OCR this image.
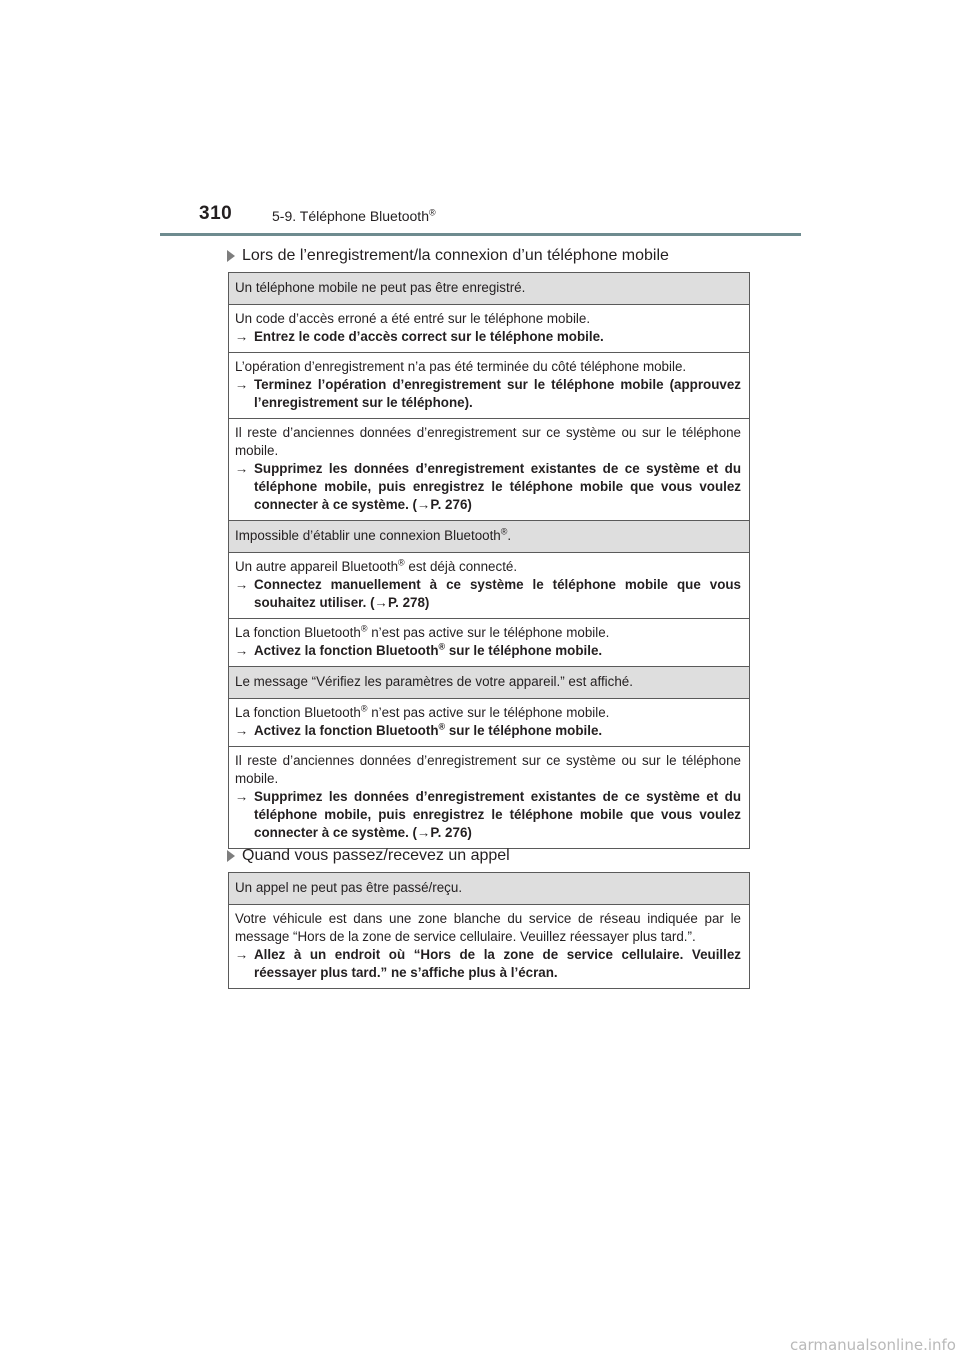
310	5-9. Téléphone Bluetooth®
Lors de l’enregistrement/la connexion d’un téléphone mobile
Un téléphone mobile ne peut pas être enregistré.

Un code d’accès erroné a été entré sur le téléphone mobile.
→ Entrez le code d’accès correct sur le téléphone mobile.

L’opération d’enregistrement n’a pas été terminée du côté téléphone mobile.
→ Terminez l’opération d’enregistrement sur le téléphone mobile (approuvez l’enregistrement sur le téléphone).

Il reste d’anciennes données d’enregistrement sur ce système ou sur le téléphone mobile.
→ Supprimez les données d’enregistrement existantes de ce système et du téléphone mobile, puis enregistrez le téléphone mobile que vous voulez connecter à ce système. (→P. 276)

Impossible d’établir une connexion Bluetooth®.

Un autre appareil Bluetooth® est déjà connecté.
→ Connectez manuellement à ce système le téléphone mobile que vous souhaitez utiliser. (→P. 278)

La fonction Bluetooth® n’est pas active sur le téléphone mobile.
→ Activez la fonction Bluetooth® sur le téléphone mobile.

Le message “Vérifiez les paramètres de votre appareil.” est affiché.

La fonction Bluetooth® n’est pas active sur le téléphone mobile.
→ Activez la fonction Bluetooth® sur le téléphone mobile.

Il reste d’anciennes données d’enregistrement sur ce système ou sur le téléphone mobile.
→ Supprimez les données d’enregistrement existantes de ce système et du téléphone mobile, puis enregistrez le téléphone mobile que vous voulez connecter à ce système. (→P. 276)
Quand vous passez/recevez un appel
Un appel ne peut pas être passé/reçu.

Votre véhicule est dans une zone blanche du service de réseau indiquée par le message “Hors de la zone de service cellulaire. Veuillez réessayer plus tard.”.
→ Allez à un endroit où “Hors de la zone de service cellulaire. Veuillez réessayer plus tard.” ne s’affiche plus à l’écran.
carmanualsonline.info
